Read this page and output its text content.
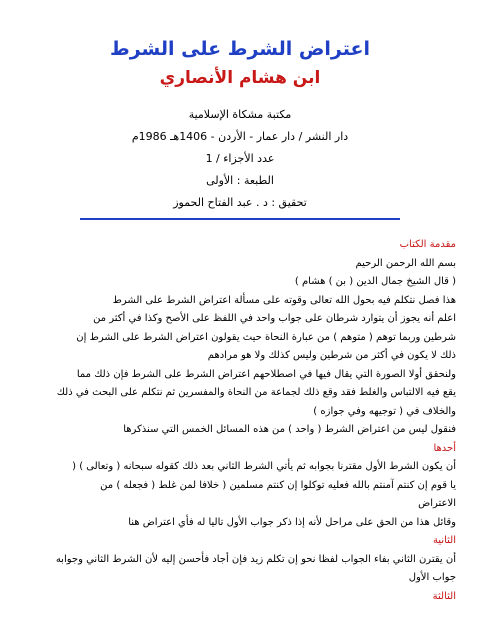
اعتراض الشرط على الشرط
ابن هشام الأنصاري
مكتبة مشكاة الإسلامية
دار النشر / دار عمار - الأردن - 1406هـ 1986م
عدد الأجزاء / 1
الطبعة : الأولى
تحقيق : د . عبد الفتاح الحموز
مقدمة الكتاب
بسم الله الرحمن الرحيم
( قال الشيخ جمال الدين ( بن ) هشام )
هذا فصل نتكلم فيه بحول الله تعالى وقوته على مسألة اعتراض الشرط على الشرط
اعلم أنه يجوز أن يتوارد شرطان على جواب واحد في اللفظ على الأصح وكذا في أكثر من
شرطين وربما توهم ( متوهم ) من عبارة النحاة حيث يقولون اعتراض الشرط على الشرط إن
ذلك لا يكون في أكثر من شرطين وليس كذلك ولا هو مرادهم
ولنحقق أولا الصورة التي يقال فيها في اصطلاحهم اعتراض الشرط على الشرط فإن ذلك مما
يقع فيه الالتباس والغلط فقد وقع ذلك لجماعة من النحاة والمفسرين ثم نتكلم على البحث في ذلك
والخلاف في ( توجيهه وفي جوازه )
فنقول ليس من اعتراض الشرط ( واحد ) من هذه المسائل الخمس التي سنذكرها
أحدها
أن يكون الشرط الأول مقترنا بجوابه ثم يأتي الشرط الثاني بعد ذلك كقوله سبحانه ( وتعالى ) (
يا قوم إن كنتم آمنتم بالله فعليه توكلوا إن كنتم مسلمين ( خلافا لمن غلط ( فجعله ) من
الاعتراض
وقائل هذا من الحق على مراحل لأنه إذا ذكر جواب الأول تاليا له فأي اعتراض هنا
الثانية
أن يقترن الثاني بفاء الجواب لفظا نحو إن تكلم زيد فإن أجاد فأحسن إليه لأن الشرط الثاني وجوابه
جواب الأول
الثالثة
